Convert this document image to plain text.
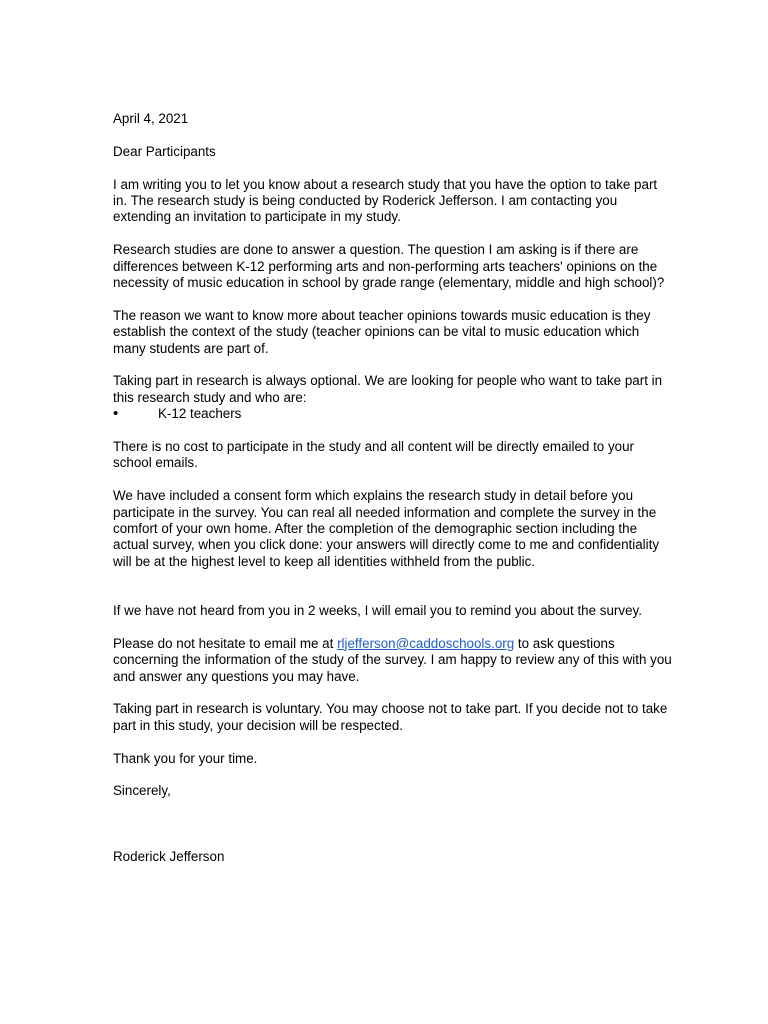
April 4, 2021

Dear Participants

I am writing you to let you know about a research study that you have the option to take part in. The research study is being conducted by Roderick Jefferson. I am contacting you extending an invitation to participate in my study.

Research studies are done to answer a question. The question I am asking is if there are differences between K-12 performing arts and non-performing arts teachers' opinions on the necessity of music education in school by grade range (elementary, middle and high school)?

The reason we want to know more about teacher opinions towards music education is they establish the context of the study (teacher opinions can be vital to music education which many students are part of.

Taking part in research is always optional. We are looking for people who want to take part in this research study and who are:

•	K-12 teachers

There is no cost to participate in the study and all content will be directly emailed to your school emails.

We have included a consent form which explains the research study in detail before you participate in the survey. You can real all needed information and complete the survey in the comfort of your own home. After the completion of the demographic section including the actual survey, when you click done: your answers will directly come to me and confidentiality will be at the highest level to keep all identities withheld from the public.

If we have not heard from you in 2 weeks, I will email you to remind you about the survey.

Please do not hesitate to email me at rljefferson@caddoschools.org to ask questions concerning the information of the study of the survey. I am happy to review any of this with you and answer any questions you may have.

Taking part in research is voluntary. You may choose not to take part. If you decide not to take part in this study, your decision will be respected.

Thank you for your time.

Sincerely,

Roderick Jefferson
